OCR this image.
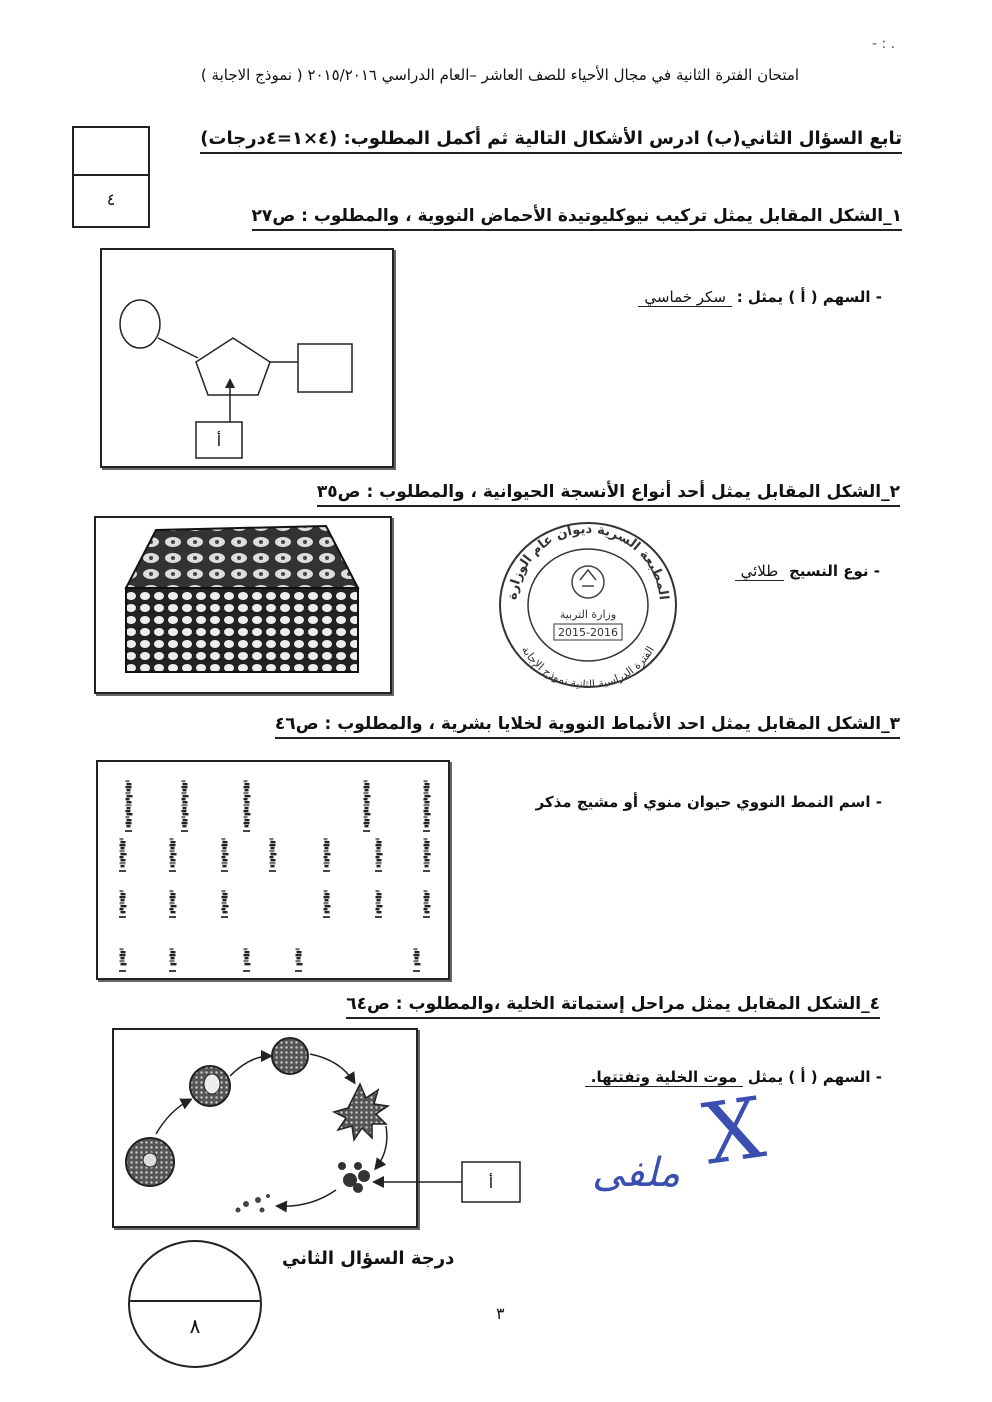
. : -
امتحان الفترة الثانية في مجال الأحياء للصف العاشر –العام الدراسي ٢٠١٥/٢٠١٦ ( نموذج الاجابة )
٤
تابع السؤال الثاني(ب) ادرس الأشكال التالية ثم أكمل المطلوب: (٤×١=٤درجات)
١_الشكل المقابل يمثل تركيب نيوكليوتيدة الأحماض النووية ، والمطلوب : ص٢٧
أ
- السهم ( أ ) يمثل : سكر خماسي
٢_الشكل المقابل يمثل أحد أنواع الأنسجة الحيوانية ، والمطلوب : ص٣٥
- نوع النسيج طلائي
المطبعة السرية ديوان عام الوزارة
الفترة الدراسية الثانية نموذج الإجابة
وزارة التربية
2015-2016
٣_الشكل المقابل يمثل احد الأنماط النووية لخلايا بشرية ، والمطلوب : ص٤٦
- اسم النمط النووي حيوان منوي أو مشيج مذكر
٤_الشكل المقابل يمثل مراحل إستماتة الخلية ،والمطلوب : ص٦٤
أ
- السهم ( أ ) يمثل موت الخلية وتفتتها.
X
ملفى
درجة السؤال الثاني
٨
٣
